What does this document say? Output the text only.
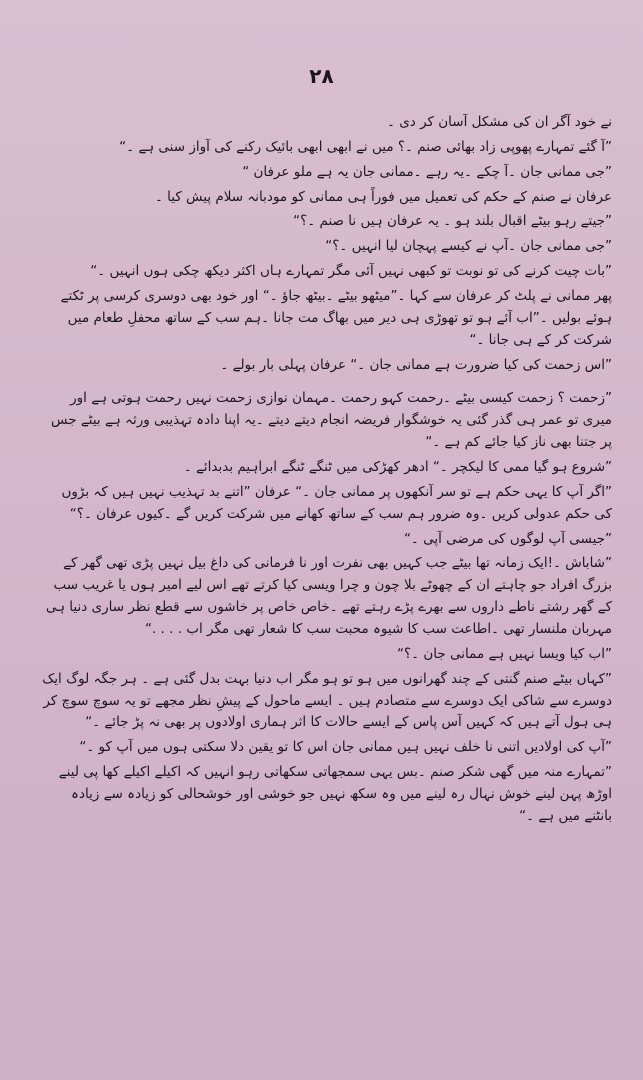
۲۸

نے خود آگر ان کی مشکل آسان کر دی ۔

”آ گئے تمہارے پھوپی زاد بھائی صنم ۔؟ میں نے ابھی ابھی بائیک رکنے کی آواز سنی ہے ۔“

”جی ممانی جان ۔آ چکے ۔یہ رہے ۔ممانی جان یہ ہے ملو عرفان “

عرفان نے صنم کے حکم کی تعمیل میں فوراً ہی ممانی کو مودبانہ سلام پیش کیا ۔

”جیتے رہو بیٹے اقبال بلند ہو ۔ یہ عرفان ہیں نا صنم ۔؟“

”جی ممانی جان ۔آپ نے کیسے پہچان لیا انہیں ۔؟“

”بات چیت کرنے کی تو نوبت تو کبھی نہیں آئی مگر تمہارے ہاں اکثر دیکھ چکی ہوں انہیں ۔“

پھر ممانی نے پلٹ کر عرفان سے کہا ۔”میٹھو بیٹے ۔بیٹھ جاؤ ۔“ اور خود بھی دوسری کرسی پر ٹکتے ہوئے بولیں ۔”اب آئے ہو تو تھوڑی ہی دیر میں بھاگ مت جانا ۔ہم سب کے ساتھ محفلِ طعام میں شرکت کر کے ہی جانا ۔“

”اس زحمت کی کیا ضرورت ہے ممانی جان ۔“ عرفان پہلی بار بولے ۔

”زحمت ؟ زحمت کیسی بیٹے ۔رحمت کہو رحمت ۔مہمان نوازی زحمت نہیں رحمت ہوتی ہے اور میری تو عمر ہی گذر گئی یہ خوشگوار فریضہ انجام دیتے دیتے ۔یہ اپنا دادہ تہذیبی ورثہ ہے بیٹے جس پر جتنا بھی ناز کیا جائے کم ہے ۔“

”شروع ہو گیا ممی کا لیکچر ۔“ ادھر کھڑکی میں ٹنگے ٹنگے ابراہیم بدبدائے ۔

”اگر آپ کا یہی حکم ہے تو سر آنکھوں پر ممانی جان ۔“ عرفان ”اتنے بد تہذیب نہیں ہیں کہ بڑوں کی حکم عدولی کریں ۔وہ ضرور ہم سب کے ساتھ کھانے میں شرکت کریں گے ۔کیوں عرفان ۔؟“

”جیسی آپ لوگوں کی مرضی آپی ۔“

”شاباش ۔!ایک زمانہ تھا بیٹے جب کہیں بھی نفرت اور نا فرمانی کی داغ بیل نہیں پڑی تھی گھر کے بزرگ افراد جو چاہتے ان کے چھوٹے بلا چون و چرا ویسی کیا کرتے تھے اس لیے امیر ہوں یا غریب سب کے گھر رشتے ناطے داروں سے بھرے پڑے رہتے تھے ۔خاص خاص پر خاشوں سے قطع نظر ساری دنیا ہی مہربان ملنسار تھی ۔اطاعت سب کا شیوہ محبت سب کا شعار تھی مگر اب . . . .“

”اب کیا ویسا نہیں ہے ممانی جان ۔؟“

”کہاں بیٹے صنم گنتی کے چند گھرانوں میں ہو تو ہو مگر اب دنیا بہت بدل گئی ہے ۔ ہر جگہ لوگ ایک دوسرے سے شاکی ایک دوسرے سے متصادم ہیں ۔ ایسے ماحول کے پیشِ نظر مجھے تو یہ سوچ سوچ کر ہی ہول آتے ہیں کہ کہیں آس پاس کے ایسے حالات کا اثر ہماری اولادوں پر بھی نہ پڑ جائے ۔“

”آپ کی اولادیں اتنی نا خلف نہیں ہیں ممانی جان اس کا تو یقین دلا سکتی ہوں میں آپ کو ۔“

”تمہارے منہ میں گھی شکر صنم ۔بس یہی سمجھاتی سکھاتی رہو انہیں کہ اکیلے اکیلے کھا پی لینے اوڑھ پہن لینے خوش نہال رہ لینے میں وہ سکھ نہیں جو خوشی اور خوشحالی کو زیادہ سے زیادہ بانٹنے میں ہے ۔“
